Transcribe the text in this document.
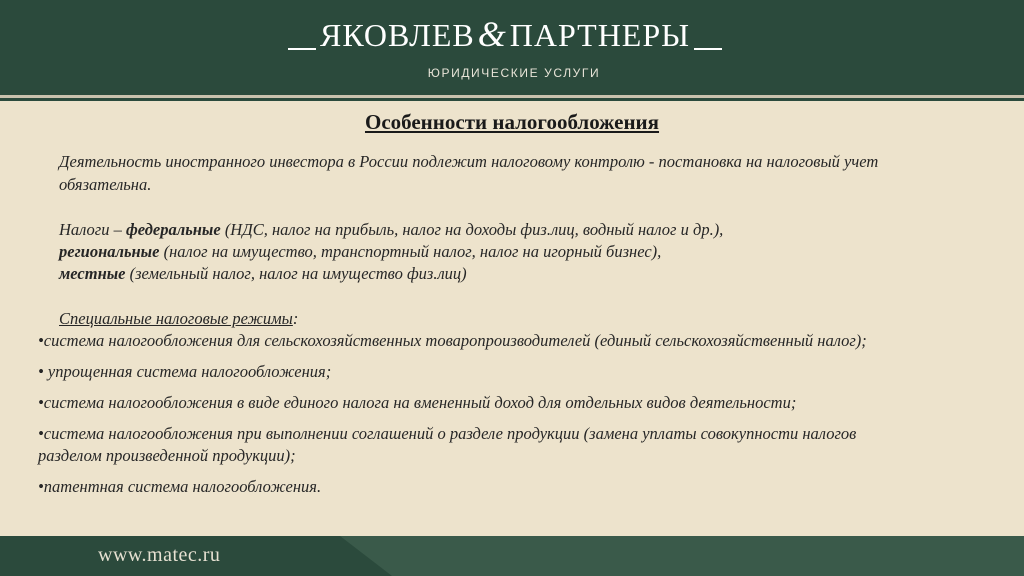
ЯКОВЛЕВ&ПАРТНЕРЫ
ЮРИДИЧЕСКИЕ УСЛУГИ
Особенности налогообложения
Деятельность иностранного инвестора в России подлежит налоговому контролю - постановка на налоговый учет
обязательна.
Налоги – федеральные (НДС, налог на прибыль, налог на доходы физ.лиц, водный налог и др.),
региональные (налог на имущество, транспортный налог, налог на игорный бизнес),
местные (земельный налог, налог на имущество физ.лиц)
Специальные налоговые режимы:
•система налогообложения для сельскохозяйственных товаропроизводителей (единый сельскохозяйственный налог);
• упрощенная система налогообложения;
•система налогообложения в виде единого налога на вмененный доход для отдельных видов деятельности;
•система налогообложения при выполнении соглашений о разделе продукции (замена уплаты совокупности налогов
разделом произведенной продукции);
•патентная система налогообложения.
www.matec.ru
